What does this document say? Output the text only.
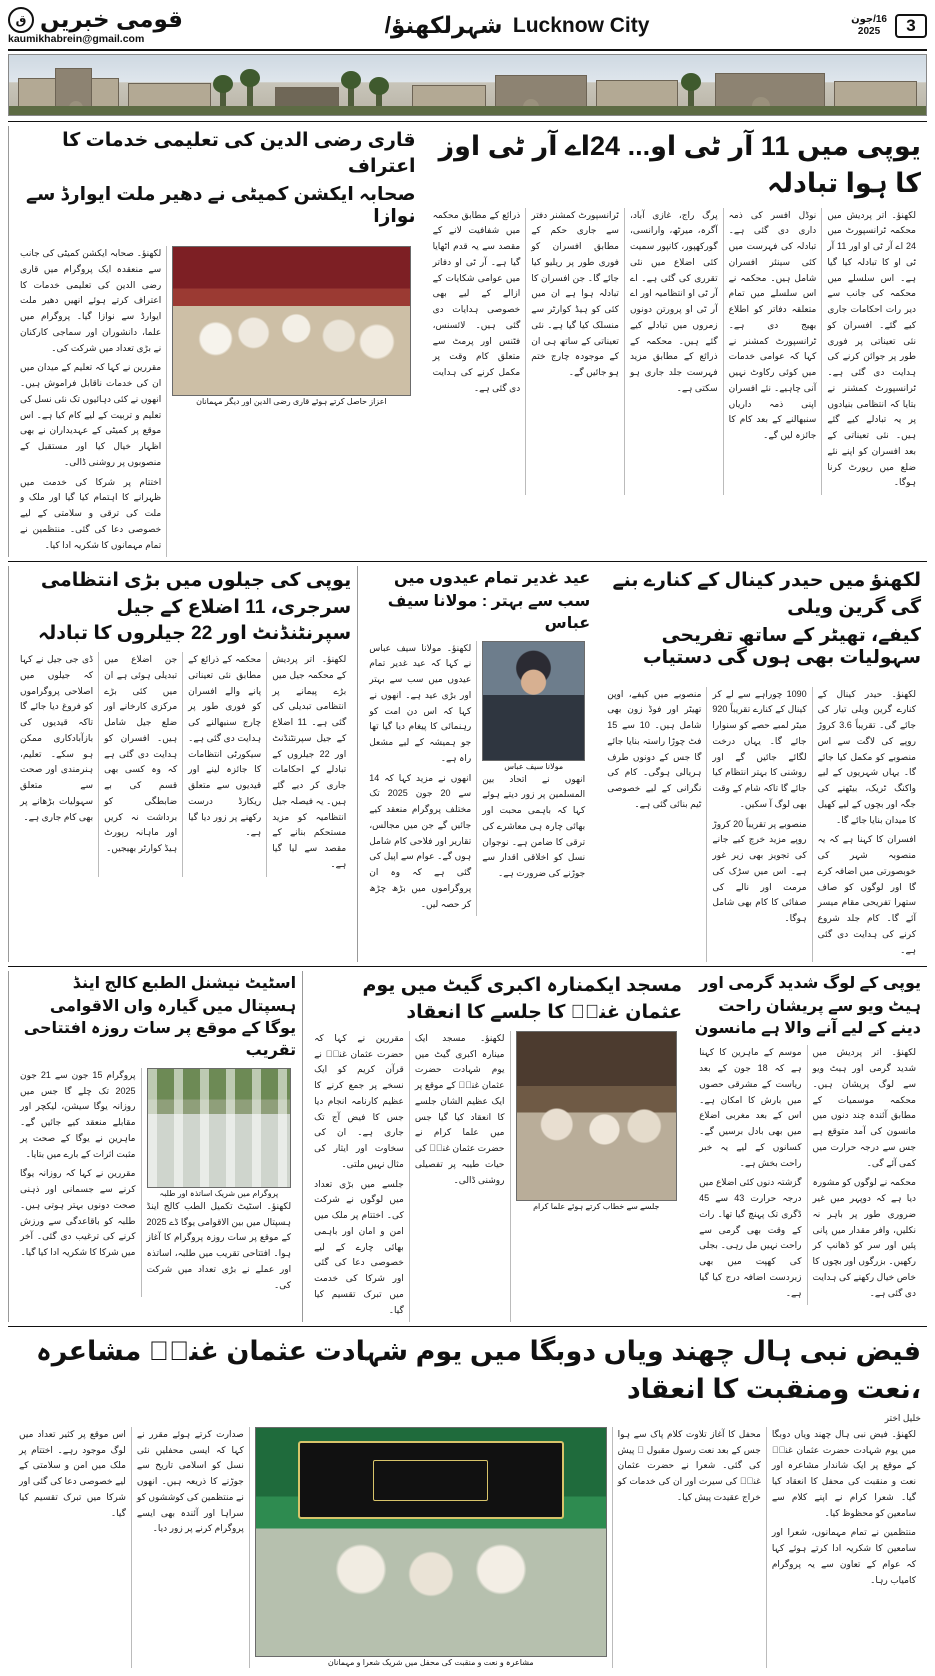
3
16/جون
2025
Lucknow City شہرلکھنؤ/
قومی خبریں
ق
kaumikhabrein@gmail.com
یوپی میں 11 آر ٹی او... 24اے آر ٹی اوز کا ہوا تبادلہ

لکھنؤ۔ اتر پردیش میں محکمہ ٹرانسپورٹ میں 24 اے آر ٹی او اور 11 آر ٹی او کا تبادلہ کیا گیا ہے۔ اس سلسلے میں محکمہ کی جانب سے دیر رات احکامات جاری کیے گئے۔ افسران کو نئی تعیناتی پر فوری طور پر جوائن کرنے کی ہدایت دی گئی ہے۔ ٹرانسپورٹ کمشنر نے بتایا کہ انتظامی بنیادوں پر یہ تبادلے کیے گئے ہیں۔ نئی تعیناتی کے بعد افسران کو اپنے نئے ضلع میں رپورٹ کرنا ہوگا۔

نوڈل افسر کی ذمہ داری دی گئی ہے۔ تبادلہ کی فہرست میں کئی سینئر افسران شامل ہیں۔ محکمہ نے اس سلسلے میں تمام متعلقہ دفاتر کو اطلاع بھیج دی ہے۔ ٹرانسپورٹ کمشنر نے کہا کہ عوامی خدمات میں کوئی رکاوٹ نہیں آنی چاہیے۔ نئے افسران اپنی ذمہ داریاں سنبھالنے کے بعد کام کا جائزہ لیں گے۔

پرگ راج، غازی آباد، آگرہ، میرٹھ، وارانسی، گورکھپور، کانپور سمیت کئی اضلاع میں نئی تقرری کی گئی ہے۔ اے آر ٹی او انتظامیہ اور اے آر ٹی او پرورتن دونوں زمروں میں تبادلے کیے گئے ہیں۔ محکمہ کے ذرائع کے مطابق مزید فہرست جلد جاری ہو سکتی ہے۔

ٹرانسپورٹ کمشنر دفتر سے جاری حکم کے مطابق افسران کو فوری طور پر ریلیو کیا جائے گا۔ جن افسران کا تبادلہ ہوا ہے ان میں کئی کو ہیڈ کوارٹر سے منسلک کیا گیا ہے۔ نئی تعیناتی کے ساتھ ہی ان کے موجودہ چارج ختم ہو جائیں گے۔

ذرائع کے مطابق محکمہ میں شفافیت لانے کے مقصد سے یہ قدم اٹھایا گیا ہے۔ آر ٹی او دفاتر میں عوامی شکایات کے ازالے کے لیے بھی خصوصی ہدایات دی گئی ہیں۔ لائسنس، فٹنس اور پرمٹ سے متعلق کام وقت پر مکمل کرنے کی ہدایت دی گئی ہے۔

قاری رضی الدین کی تعلیمی خدمات کا اعتراف
صحابہ ایکشن کمیٹی نے دھیر ملت ایوارڈ سے نوازا
اعزاز حاصل کرتے ہوئے قاری رضی الدین اور دیگر مہمانان

لکھنؤ۔ صحابہ ایکشن کمیٹی کی جانب سے منعقدہ ایک پروگرام میں قاری رضی الدین کی تعلیمی خدمات کا اعتراف کرتے ہوئے انھیں دھیر ملت ایوارڈ سے نوازا گیا۔ پروگرام میں علما، دانشوران اور سماجی کارکنان نے بڑی تعداد میں شرکت کی۔

مقررین نے کہا کہ تعلیم کے میدان میں ان کی خدمات ناقابل فراموش ہیں۔ انھوں نے کئی دہائیوں تک نئی نسل کی تعلیم و تربیت کے لیے کام کیا ہے۔ اس موقع پر کمیٹی کے عہدیداران نے بھی اظہار خیال کیا اور مستقبل کے منصوبوں پر روشنی ڈالی۔

اختتام پر شرکا کی خدمت میں ظہرانے کا اہتمام کیا گیا اور ملک و ملت کی ترقی و سلامتی کے لیے خصوصی دعا کی گئی۔ منتظمین نے تمام مہمانوں کا شکریہ ادا کیا۔

لکھنؤ میں حیدر کینال کے کنارے بنے گی گرین ویلی
کیفے، تھیٹر کے ساتھ تفریحی سہولیات بھی ہوں گی دستیاب

لکھنؤ۔ حیدر کینال کے کنارے گرین ویلی تیار کی جائے گی۔ تقریباً 3.6 کروڑ روپے کی لاگت سے اس منصوبے کو مکمل کیا جائے گا۔ یہاں شہریوں کے لیے واکنگ ٹریک، بیٹھنے کی جگہ اور بچوں کے لیے کھیل کا میدان بنایا جائے گا۔

افسران کا کہنا ہے کہ یہ منصوبہ شہر کی خوبصورتی میں اضافہ کرے گا اور لوگوں کو صاف ستھرا تفریحی مقام میسر آئے گا۔ کام جلد شروع کرنے کی ہدایت دی گئی ہے۔

1090 چوراہے سے لے کر کینال کے کنارے تقریباً 920 میٹر لمبے حصے کو سنوارا جائے گا۔ یہاں درخت لگائے جائیں گے اور روشنی کا بہتر انتظام کیا جائے گا تاکہ شام کے وقت بھی لوگ آ سکیں۔

منصوبے پر تقریباً 20 کروڑ روپے مزید خرچ کیے جانے کی تجویز بھی زیر غور ہے۔ اس میں سڑک کی مرمت اور نالے کی صفائی کا کام بھی شامل ہوگا۔

منصوبے میں کیفے، اوپن تھیٹر اور فوڈ زون بھی شامل ہیں۔ 10 سے 15 فٹ چوڑا راستہ بنایا جائے گا جس کے دونوں طرف ہریالی ہوگی۔ کام کی نگرانی کے لیے خصوصی ٹیم بنائی گئی ہے۔

عید غدیر تمام عیدوں میں سب سے بہتر : مولانا سیف عباس
مولانا سیف عباس

انھوں نے اتحاد بین المسلمین پر زور دیتے ہوئے کہا کہ باہمی محبت اور بھائی چارہ ہی معاشرے کی ترقی کا ضامن ہے۔ نوجوان نسل کو اخلاقی اقدار سے جوڑنے کی ضرورت ہے۔

لکھنؤ۔ مولانا سیف عباس نے کہا کہ عید غدیر تمام عیدوں میں سب سے بہتر اور بڑی عید ہے۔ انھوں نے کہا کہ اس دن امت کو رہنمائی کا پیغام دیا گیا تھا جو ہمیشہ کے لیے مشعل راہ ہے۔

انھوں نے مزید کہا کہ 14 سے 20 جون 2025 تک مختلف پروگرام منعقد کیے جائیں گے جن میں مجالس، تقاریر اور فلاحی کام شامل ہوں گے۔ عوام سے اپیل کی گئی ہے کہ وہ ان پروگراموں میں بڑھ چڑھ کر حصہ لیں۔

یوپی کی جیلوں میں بڑی انتظامی سرجری، 11 اضلاع کے جیل سپرنٹنڈنٹ اور 22 جیلروں کا تبادلہ

لکھنؤ۔ اتر پردیش کے محکمہ جیل میں بڑے پیمانے پر انتظامی تبدیلی کی گئی ہے۔ 11 اضلاع کے جیل سپرنٹنڈنٹ اور 22 جیلروں کے تبادلے کے احکامات جاری کر دیے گئے ہیں۔ یہ فیصلہ جیل انتظامیہ کو مزید مستحکم بنانے کے مقصد سے لیا گیا ہے۔

محکمہ کے ذرائع کے مطابق نئی تعیناتی پانے والے افسران کو فوری طور پر چارج سنبھالنے کی ہدایت دی گئی ہے۔ سیکورٹی انتظامات کا جائزہ لینے اور قیدیوں سے متعلق ریکارڈ درست رکھنے پر زور دیا گیا ہے۔

جن اضلاع میں تبدیلی ہوئی ہے ان میں کئی بڑے مرکزی کارخانے اور ضلع جیل شامل ہیں۔ افسران کو ہدایت دی گئی ہے کہ وہ کسی بھی قسم کی بے ضابطگی کو برداشت نہ کریں اور ماہانہ رپورٹ ہیڈ کوارٹر بھیجیں۔

ڈی جی جیل نے کہا کہ جیلوں میں اصلاحی پروگراموں کو فروغ دیا جائے گا تاکہ قیدیوں کی بازآبادکاری ممکن ہو سکے۔ تعلیم، ہنرمندی اور صحت سے متعلق سہولیات بڑھانے پر بھی کام جاری ہے۔

یوپی کے لوگ شدید گرمی اور ہیٹ ویو سے پریشان راحت دینے کے لیے آنے والا ہے مانسون

لکھنؤ۔ اتر پردیش میں شدید گرمی اور ہیٹ ویو سے لوگ پریشان ہیں۔ محکمہ موسمیات کے مطابق آئندہ چند دنوں میں مانسون کی آمد متوقع ہے جس سے درجہ حرارت میں کمی آئے گی۔

محکمہ نے لوگوں کو مشورہ دیا ہے کہ دوپہر میں غیر ضروری طور پر باہر نہ نکلیں، وافر مقدار میں پانی پئیں اور سر کو ڈھانپ کر رکھیں۔ بزرگوں اور بچوں کا خاص خیال رکھنے کی ہدایت دی گئی ہے۔

موسم کے ماہرین کا کہنا ہے کہ 18 جون کے بعد ریاست کے مشرقی حصوں میں بارش کا امکان ہے۔ اس کے بعد مغربی اضلاع میں بھی بادل برسیں گے۔ کسانوں کے لیے یہ خبر راحت بخش ہے۔

گزشتہ دنوں کئی اضلاع میں درجہ حرارت 43 سے 45 ڈگری تک پہنچ گیا تھا۔ رات کے وقت بھی گرمی سے راحت نہیں مل رہی۔ بجلی کی کھپت میں بھی زبردست اضافہ درج کیا گیا ہے۔

مسجد ایکمنارہ اکبری گیٹ میں یوم عثمان غنیؓ کا جلسے کا انعقاد
جلسے سے خطاب کرتے ہوئے علما کرام

لکھنؤ۔ مسجد ایک مینارہ اکبری گیٹ میں یوم شہادت حضرت عثمان غنیؓ کے موقع پر ایک عظیم الشان جلسے کا انعقاد کیا گیا جس میں علما کرام نے حضرت عثمان غنیؓ کی حیات طیبہ پر تفصیلی روشنی ڈالی۔

مقررین نے کہا کہ حضرت عثمان غنیؓ نے قرآن کریم کو ایک نسخے پر جمع کرنے کا عظیم کارنامہ انجام دیا جس کا فیض آج تک جاری ہے۔ ان کی سخاوت اور ایثار کی مثال نہیں ملتی۔

جلسے میں بڑی تعداد میں لوگوں نے شرکت کی۔ اختتام پر ملک میں امن و امان اور باہمی بھائی چارے کے لیے خصوصی دعا کی گئی اور شرکا کی خدمت میں تبرک تقسیم کیا گیا۔

اسٹیٹ نیشنل الطبع کالج اینڈ ہسپتال میں گیارہ واں الاقوامی یوگا کے موقع پر سات روزہ افتتاحی تقریب
پروگرام میں شریک اساتذہ اور طلبہ

لکھنؤ۔ اسٹیٹ تکمیل الطب کالج اینڈ ہسپتال میں بین الاقوامی یوگا ڈے 2025 کے موقع پر سات روزہ پروگرام کا آغاز ہوا۔ افتتاحی تقریب میں طلبہ، اساتذہ اور عملے نے بڑی تعداد میں شرکت کی۔

پروگرام 15 جون سے 21 جون 2025 تک چلے گا جس میں روزانہ یوگا سیشن، لیکچر اور مقابلے منعقد کیے جائیں گے۔ ماہرین نے یوگا کے صحت پر مثبت اثرات کے بارے میں بتایا۔

مقررین نے کہا کہ روزانہ یوگا کرنے سے جسمانی اور ذہنی صحت دونوں بہتر ہوتی ہیں۔ طلبہ کو باقاعدگی سے ورزش کرنے کی ترغیب دی گئی۔ آخر میں شرکا کا شکریہ ادا کیا گیا۔

فیض نبی ہال چھند ویاں دوبگا میں یوم شہادت عثمان غنیؓ مشاعرہ ،نعت ومنقبت کا انعقاد
خلیل اختر

لکھنؤ۔ فیض نبی ہال چھند ویاں دوبگا میں یوم شہادت حضرت عثمان غنیؓ کے موقع پر ایک شاندار مشاعرہ اور نعت و منقبت کی محفل کا انعقاد کیا گیا۔ شعرا کرام نے اپنے کلام سے سامعین کو محظوظ کیا۔

منتظمین نے تمام مہمانوں، شعرا اور سامعین کا شکریہ ادا کرتے ہوئے کہا کہ عوام کے تعاون سے یہ پروگرام کامیاب رہا۔

محفل کا آغاز تلاوت کلام پاک سے ہوا جس کے بعد نعت رسول مقبول ﷺ پیش کی گئی۔ شعرا نے حضرت عثمان غنیؓ کی سیرت اور ان کی خدمات کو خراج عقیدت پیش کیا۔

مشاعرہ و نعت و منقبت کی محفل میں شریک شعرا و مہمانان

صدارت کرتے ہوئے مقرر نے کہا کہ ایسی محفلیں نئی نسل کو اسلامی تاریخ سے جوڑنے کا ذریعہ ہیں۔ انھوں نے منتظمین کی کوششوں کو سراہا اور آئندہ بھی ایسے پروگرام کرنے پر زور دیا۔

اس موقع پر کثیر تعداد میں لوگ موجود رہے۔ اختتام پر ملک میں امن و سلامتی کے لیے خصوصی دعا کی گئی اور شرکا میں تبرک تقسیم کیا گیا۔
